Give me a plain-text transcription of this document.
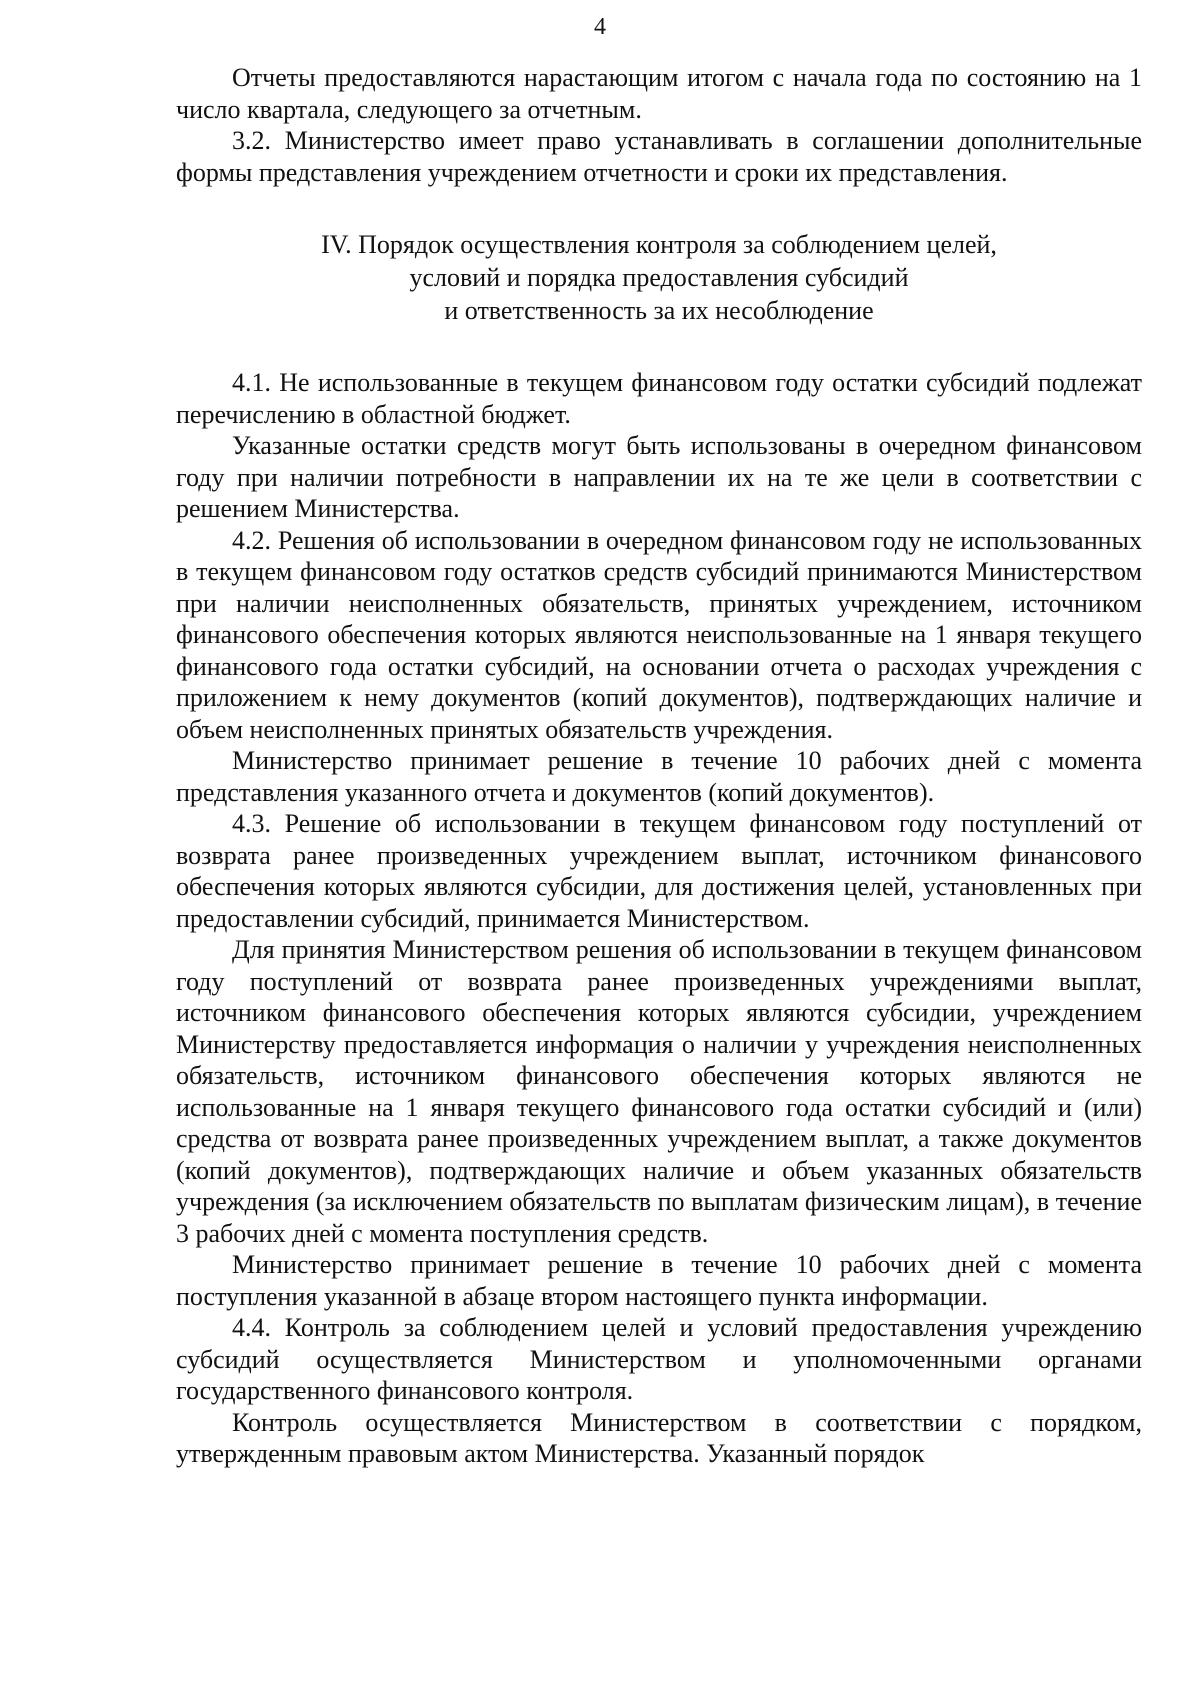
4

Отчеты предоставляются нарастающим итогом с начала года по состоянию на 1 число квартала, следующего за отчетным.

3.2. Министерство имеет право устанавливать в соглашении дополнительные формы представления учреждением отчетности и сроки их представления.

IV. Порядок осуществления контроля за соблюдением целей,
условий и порядка предоставления субсидий
и ответственность за их несоблюдение

4.1. Не использованные в текущем финансовом году остатки субсидий подлежат перечислению в областной бюджет.

Указанные остатки средств могут быть использованы в очередном финансовом году при наличии потребности в направлении их на те же цели в соответствии с решением Министерства.

4.2. Решения об использовании в очередном финансовом году не использованных в текущем финансовом году остатков средств субсидий принимаются Министерством при наличии неисполненных обязательств, принятых учреждением, источником финансового обеспечения которых являются неиспользованные на 1 января текущего финансового года остатки субсидий, на основании отчета о расходах учреждения с приложением к нему документов (копий документов), подтверждающих наличие и объем неисполненных принятых обязательств учреждения.

Министерство принимает решение в течение 10 рабочих дней с момента представления указанного отчета и документов (копий документов).

4.3. Решение об использовании в текущем финансовом году поступлений от возврата ранее произведенных учреждением выплат, источником финансового обеспечения которых являются субсидии, для достижения целей, установленных при предоставлении субсидий, принимается Министерством.

Для принятия Министерством решения об использовании в текущем финансовом году поступлений от возврата ранее произведенных учреждениями выплат, источником финансового обеспечения которых являются субсидии, учреждением Министерству предоставляется информация о наличии у учреждения неисполненных обязательств, источником финансового обеспечения которых являются не использованные на 1 января текущего финансового года остатки субсидий и (или) средства от возврата ранее произведенных учреждением выплат, а также документов (копий документов), подтверждающих наличие и объем указанных обязательств учреждения (за исключением обязательств по выплатам физическим лицам), в течение 3 рабочих дней с момента поступления средств.

Министерство принимает решение в течение 10 рабочих дней с момента поступления указанной в абзаце втором настоящего пункта информации.

4.4. Контроль за соблюдением целей и условий предоставления учреждению субсидий осуществляется Министерством и уполномоченными органами государственного финансового контроля.

Контроль осуществляется Министерством в соответствии с порядком, утвержденным правовым актом Министерства. Указанный порядок
